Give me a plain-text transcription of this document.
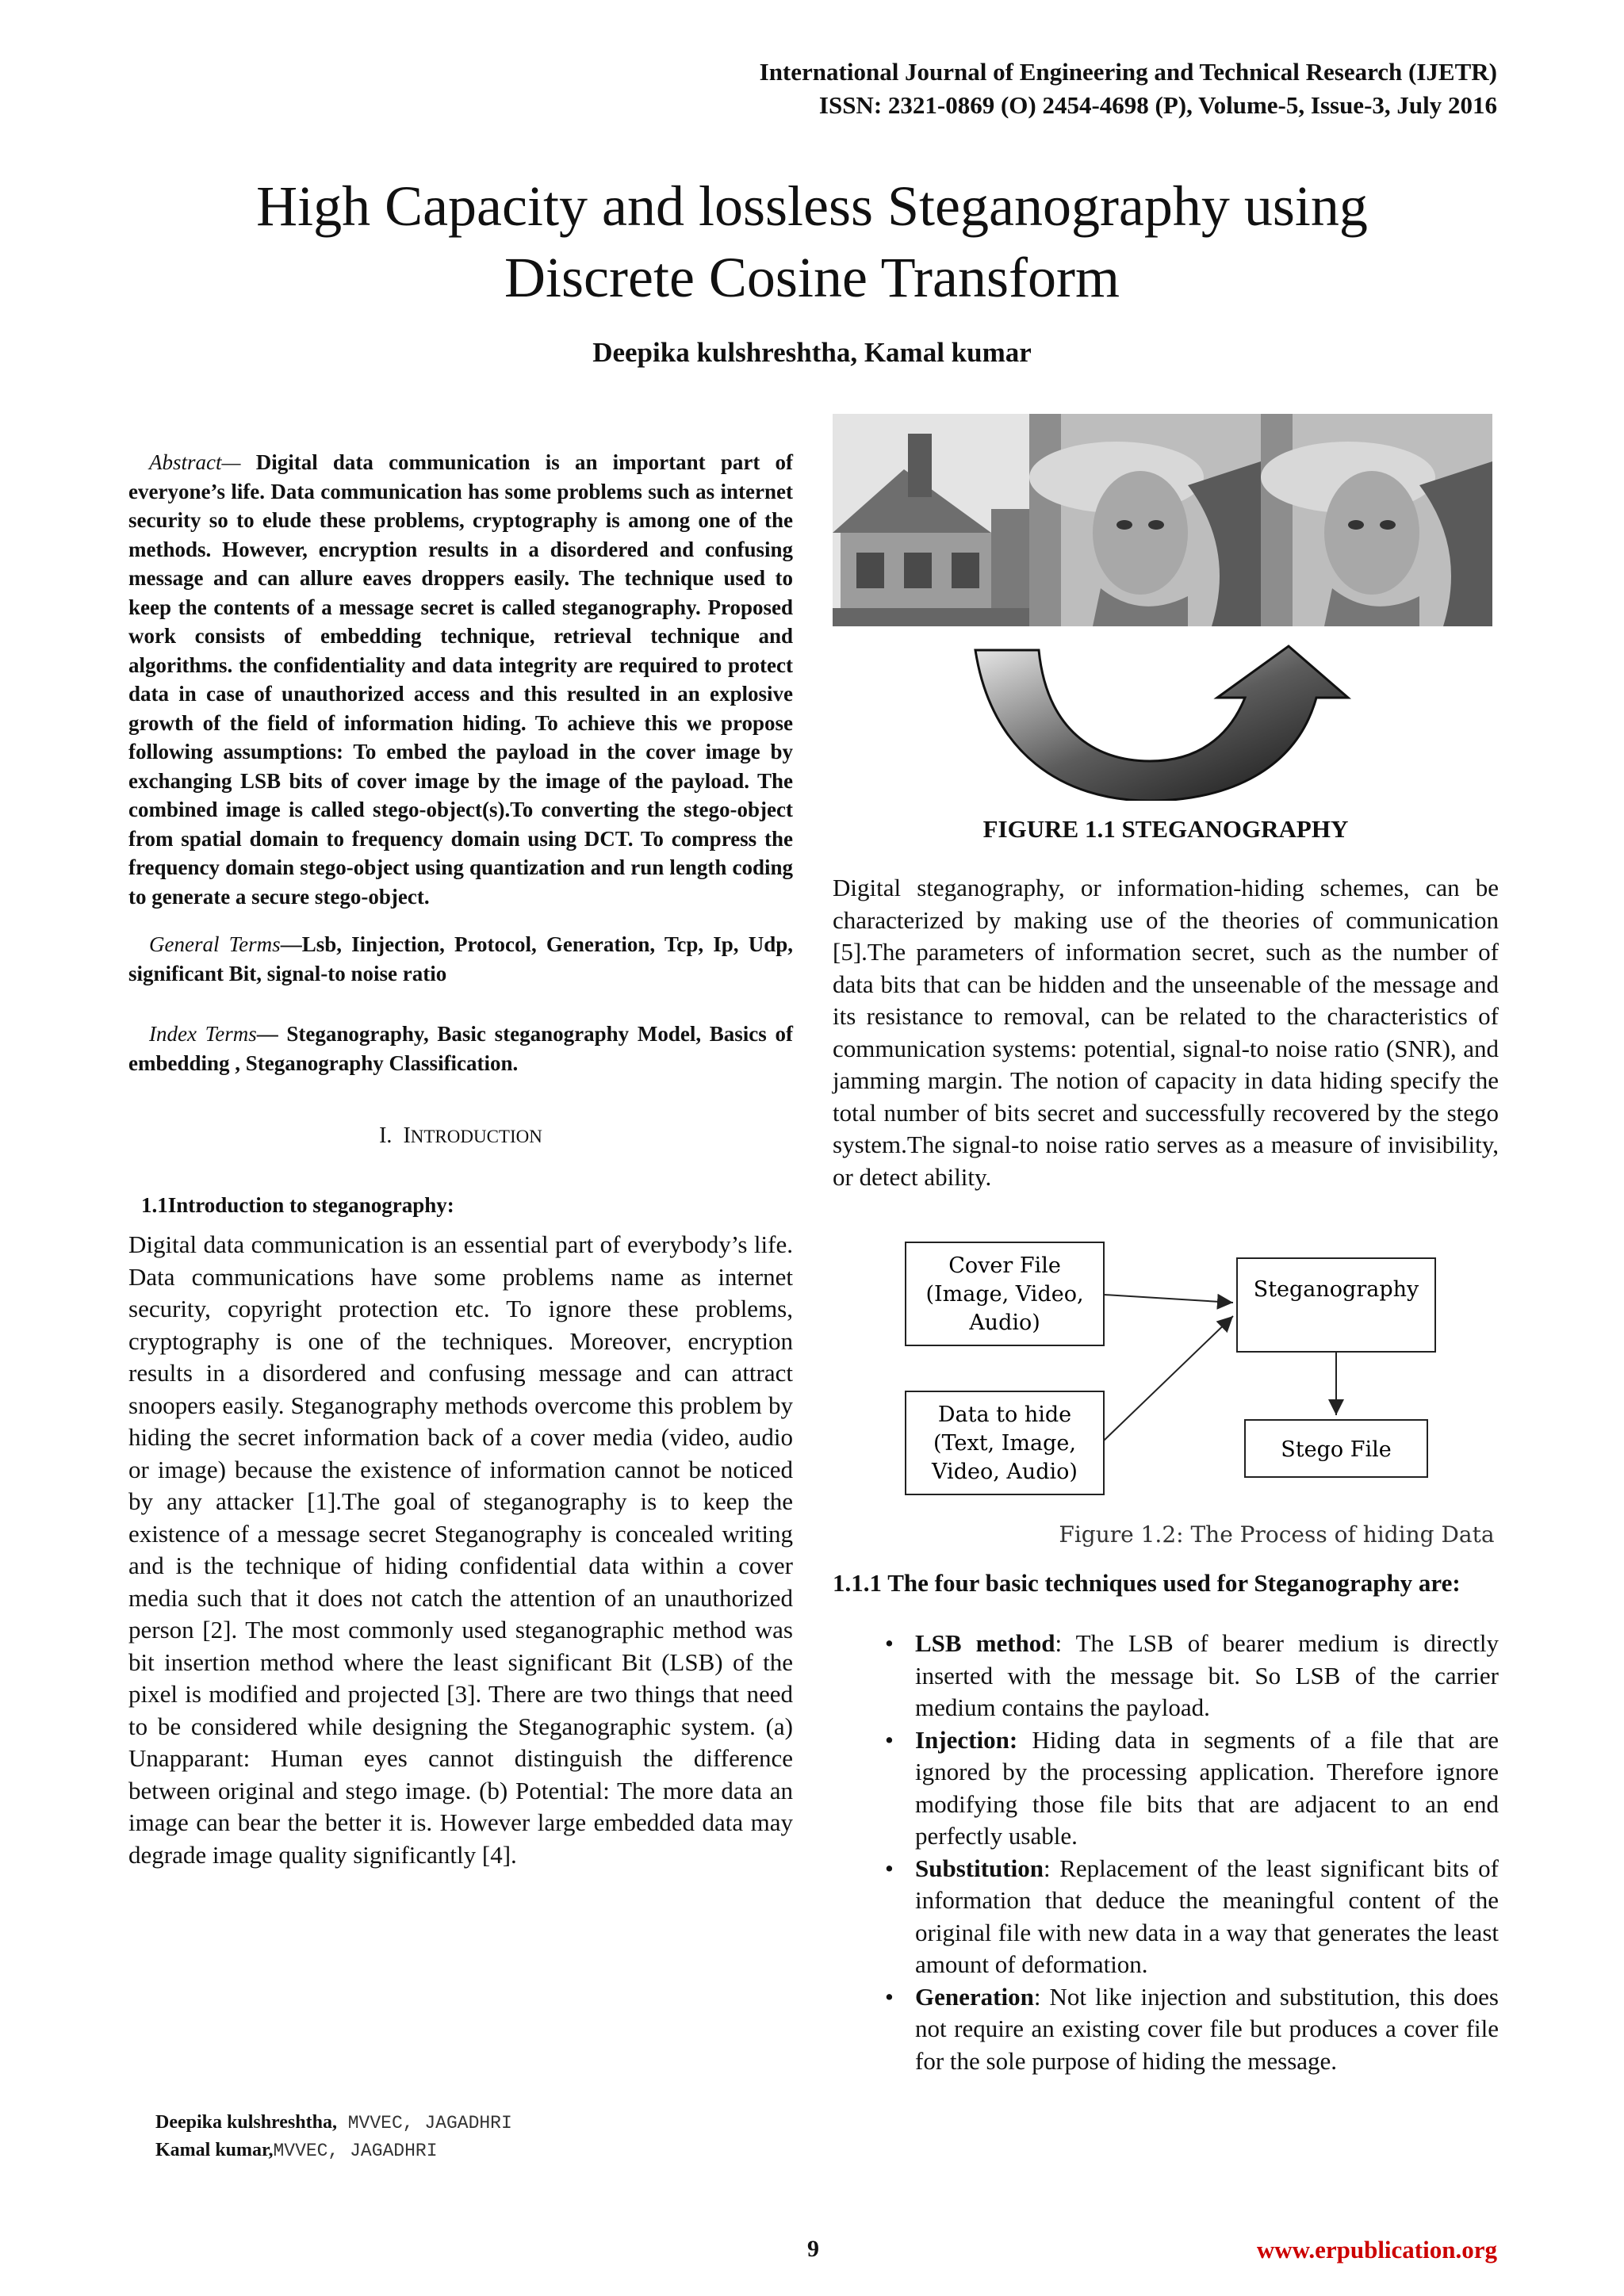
International Journal of Engineering and Technical Research (IJETR)
ISSN: 2321-0869 (O) 2454-4698 (P), Volume-5, Issue-3, July 2016
High Capacity and lossless Steganography using
Discrete Cosine Transform
Deepika kulshreshtha, Kamal kumar

Abstract— Digital data communication is an important part of everyone’s life. Data communication has some problems such as internet security so to elude these problems, cryptography is among one of the methods. However, encryption results in a disordered and confusing message and can allure eaves droppers easily. The technique used to keep the contents of a message secret is called steganography. Proposed work consists of embedding technique, retrieval technique and algorithms. the confidentiality and data integrity are required to protect data in case of unauthorized access and this resulted in an explosive growth of the field of information hiding. To achieve this we propose following assumptions: To embed the payload in the cover image by exchanging LSB bits of cover image by the image of the payload. The combined image is called stego-object(s).To converting the stego-object from spatial domain to frequency domain using DCT. To compress the frequency domain stego-object using quantization and run length coding to generate a secure stego-object.

General Terms—Lsb, Iinjection, Protocol, Generation, Tcp, Ip, Udp, significant Bit, signal-to noise ratio

Index Terms— Steganography, Basic steganography Model, Basics of embedding , Steganography Classification.

I. INTRODUCTION
1.1Introduction to steganography:

Digital data communication is an essential part of everybody’s life. Data communications have some problems name as internet security, copyright protection etc. To ignore these problems, cryptography is one of the techniques. Moreover, encryption results in a disordered and confusing message and can attract snoopers easily. Steganography methods overcome this problem by hiding the secret information back of a cover media (video, audio or image) because the existence of information cannot be noticed by any attacker [1].The goal of steganography is to keep the existence of a message secret Steganography is concealed writing and is the technique of hiding confidential data within a cover media such that it does not catch the attention of an unauthorized person [2]. The most commonly used steganographic method was bit insertion method where the least significant Bit (LSB) of the pixel is modified and projected [3]. There are two things that need to be considered while designing the Steganographic system. (a) Unapparant: Human eyes cannot distinguish the difference between original and stego image. (b) Potential: The more data an image can bear the better it is. However large embedded data may degrade image quality significantly [4].

FIGURE 1.1 STEGANOGRAPHY

Digital steganography, or information-hiding schemes, can be characterized by making use of the theories of communication [5].The parameters of information secret, such as the number of data bits that can be hidden and the unseenable of the message and its resistance to removal, can be related to the characteristics of communication systems: potential, signal-to noise ratio (SNR), and jamming margin. The notion of capacity in data hiding specify the total number of bits secret and successfully recovered by the stego system.The signal-to noise ratio serves as a measure of invisibility, or detect ability.

Cover File
(Image, Video,
Audio)
Data to hide
(Text, Image,
Video, Audio)
Steganography
Stego File
Figure 1.2: The Process of hiding Data
1.1.1 The four basic techniques used for Steganography are:
• LSB method: The LSB of bearer medium is directly inserted with the message bit. So LSB of the carrier medium contains the payload.
• Injection: Hiding data in segments of a file that are ignored by the processing application. Therefore ignore modifying those file bits that are adjacent to an end perfectly usable.
• Substitution: Replacement of the least significant bits of information that deduce the meaningful content of the original file with new data in a way that generates the least amount of deformation.
• Generation: Not like injection and substitution, this does not require an existing cover file but produces a cover file for the sole purpose of hiding the message.
Deepika kulshreshtha, MVVEC, JAGADHRI
Kamal kumar,MVVEC, JAGADHRI
9	www.erpublication.org
